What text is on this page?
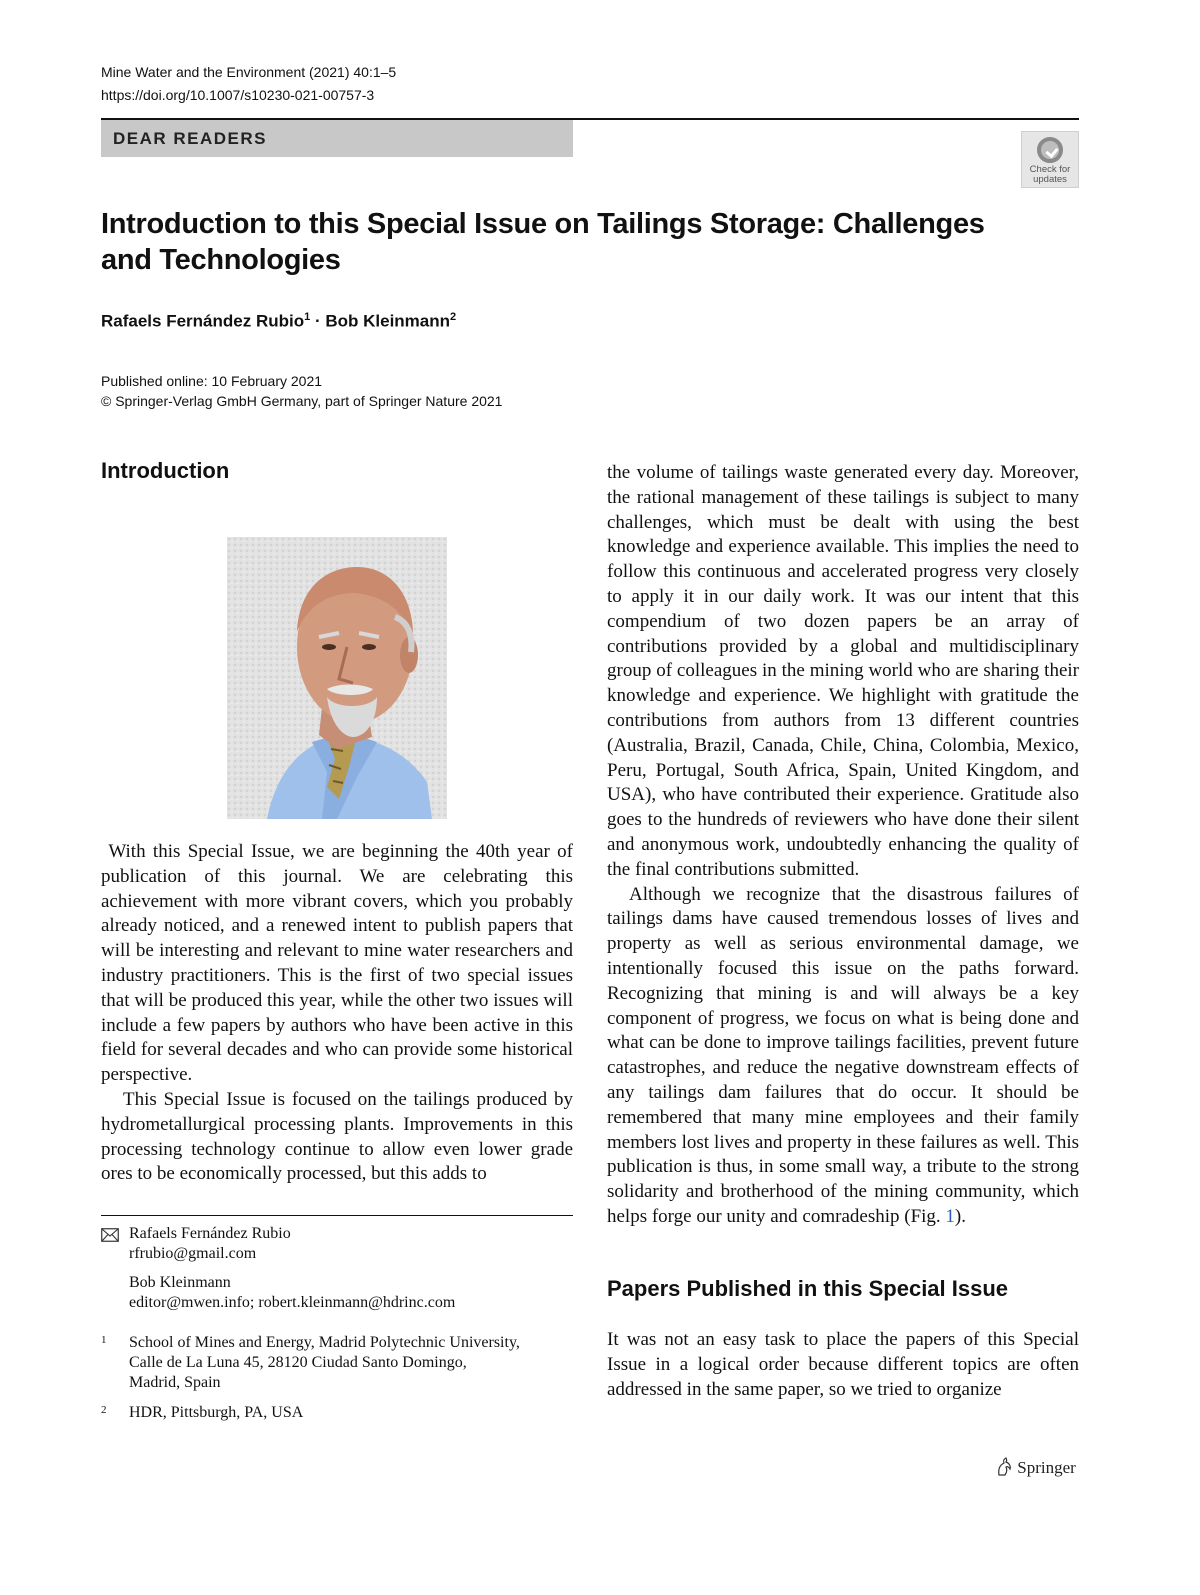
Mine Water and the Environment (2021) 40:1–5
https://doi.org/10.1007/s10230-021-00757-3
DEAR READERS
Check for
updates
Introduction to this Special Issue on Tailings Storage: Challenges and Technologies
Rafaels Fernández Rubio$^1$ · Bob Kleinmann$^2$
Published online: 10 February 2021
© Springer-Verlag GmbH Germany, part of Springer Nature 2021
Introduction

With this Special Issue, we are beginning the 40th year of publication of this journal. We are celebrating this achievement with more vibrant covers, which you probably already noticed, and a renewed intent to publish papers that will be interesting and relevant to mine water researchers and industry practitioners. This is the first of two special issues that will be produced this year, while the other two issues will include a few papers by authors who have been active in this field for several decades and who can provide some historical perspective.

This Special Issue is focused on the tailings produced by hydrometallurgical processing plants. Improvements in this processing technology continue to allow even lower grade ores to be economically processed, but this adds to

the volume of tailings waste generated every day. Moreover, the rational management of these tailings is subject to many challenges, which must be dealt with using the best knowledge and experience available. This implies the need to follow this continuous and accelerated progress very closely to apply it in our daily work. It was our intent that this compendium of two dozen papers be an array of contributions provided by a global and multidisciplinary group of colleagues in the mining world who are sharing their knowledge and experience. We highlight with gratitude the contributions from authors from 13 different countries (Australia, Brazil, Canada, Chile, China, Colombia, Mexico, Peru, Portugal, South Africa, Spain, United Kingdom, and USA), who have contributed their experience. Gratitude also goes to the hundreds of reviewers who have done their silent and anonymous work, undoubtedly enhancing the quality of the final contributions submitted.

Although we recognize that the disastrous failures of tailings dams have caused tremendous losses of lives and property as well as serious environmental damage, we intentionally focused this issue on the paths forward. Recognizing that mining is and will always be a key component of progress, we focus on what is being done and what can be done to improve tailings facilities, prevent future catastrophes, and reduce the negative downstream effects of any tailings dam failures that do occur. It should be remembered that many mine employees and their family members lost lives and property in these failures as well. This publication is thus, in some small way, a tribute to the strong solidarity and brotherhood of the mining community, which helps forge our unity and comradeship (Fig. 1).

Papers Published in this Special Issue

It was not an easy task to place the papers of this Special Issue in a logical order because different topics are often addressed in the same paper, so we tried to organize

Rafaels Fernández Rubio
rfrubio@gmail.com
Bob Kleinmann
editor@mwen.info; robert.kleinmann@hdrinc.com
1 School of Mines and Energy, Madrid Polytechnic University,
Calle de La Luna 45, 28120 Ciudad Santo Domingo,
Madrid, Spain
2 HDR, Pittsburgh, PA, USA
Springer
